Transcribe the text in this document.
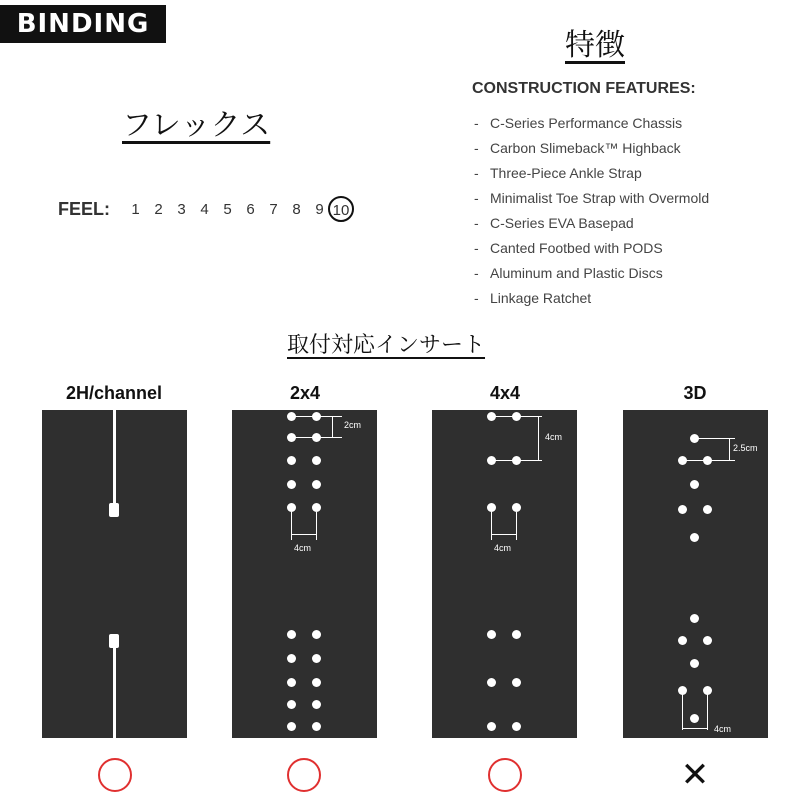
BINDING
フレックス
特徴
FEEL:	1 2 3 4 5 6 7 8 9 10
CONSTRUCTION FEATURES:
- C-Series Performance Chassis
- Carbon Slimeback™ Highback
- Three-Piece Ankle Strap
- Minimalist Toe Strap with Overmold
- C-Series EVA Basepad
- Canted Footbed with PODS
- Aluminum and Plastic Discs
- Linkage Ratchet
取付対応インサート
2H/channel	2x4	4x4	3D
2cm
4cm
4cm
4cm
2.5cm
4cm
✕
